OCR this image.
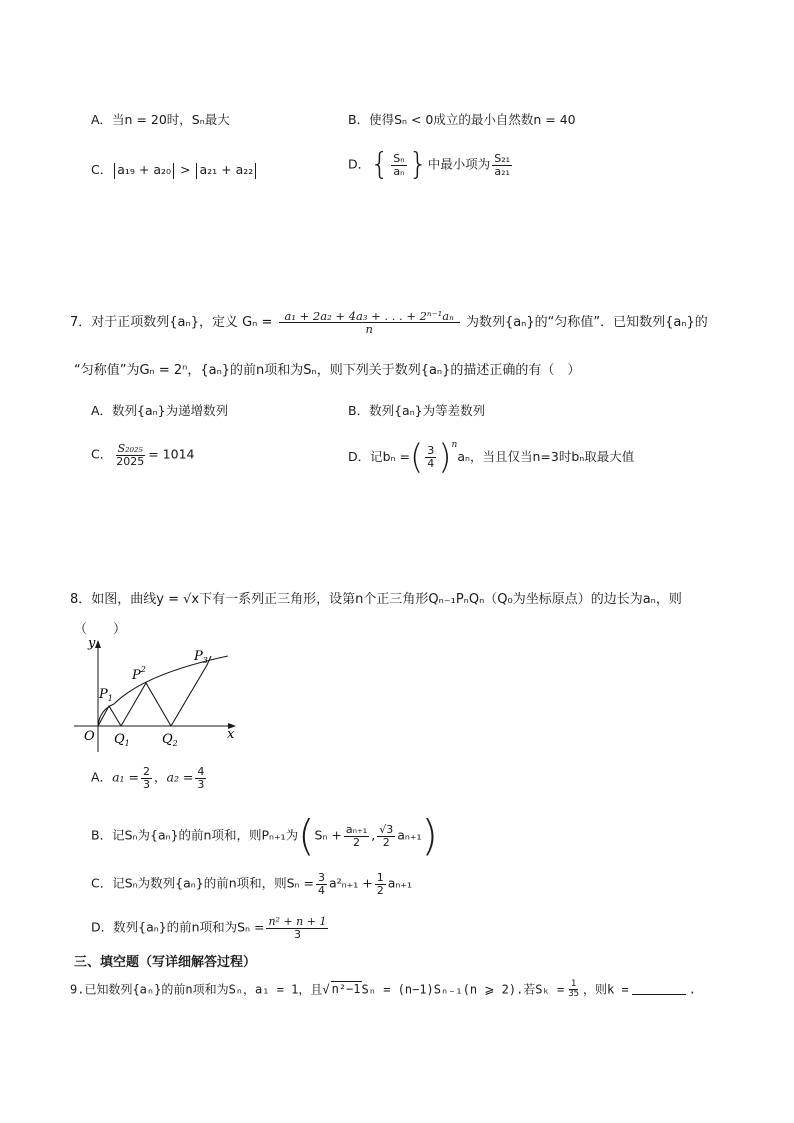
A．当n = 20时，Sₙ最大	B．使得Sₙ < 0成立的最小自然数n = 40
C． a₁₉ + a₂₀ > a₂₁ + a₂₂	D．{ $\frac{\text{Sₙ}}{\text{aₙ}}$ }中最小项为 $\frac{\text{S₂₁}}{\text{a₂₁}}$
7．对于正项数列{aₙ}，定义 $G_n = \frac{\text{a₁ + 2a₂ + 4a₃ + . . . + 2ⁿ⁻¹aₙ}}{n}$ 为数列{aₙ}的“匀称值”．已知数列{aₙ}的
“匀称值”为Gₙ = 2ⁿ，{aₙ}的前n项和为Sₙ，则下列关于数列{aₙ}的描述正确的有（　）
A．数列{aₙ}为递增数列	B．数列{aₙ}为等差数列
C． $\frac{\text{S₂₀₂₅}}{2025} = 1014$	D．记bₙ =( $\frac{3}{4} )^na_n$，当且仅当n=3时bₙ取最大值
8．如图，曲线y = √x下有一系列正三角形，设第n个正三角形Qₙ₋₁PₙQₙ（Q₀为坐标原点）的边长为aₙ，则
（　　）
y
x
O
$P_1$
$P^2$
$P_3$
$Q_1$ $Q_2$
A．$a_1 = \frac{2}{3}$ ，$a_2 = \frac{4}{3}$
B．记Sₙ为{aₙ}的前n项和，则Pₙ₊₁为($S_n + \frac{\text{aₙ₊₁}}{2}$ , $\frac{√3}{2} a_{n+1}$)
C．记Sₙ为数列{aₙ}的前n项和，则$S_n = \frac{3}{4} a^2_{n+1} + \frac{1}{2} a_{n+1}$
D．数列{aₙ}的前n项和为$S_n = \frac{\text{n² + n + 1}}{3}$
三、填空题（写详细解答过程）
9.已知数列{aₙ}的前n项和为Sₙ，a₁ = 1，且√ n²−1Sₙ = (n−1)Sₙ₋₁(n ⩾ 2).若$S_k = \frac{1}{35}$ ，则k =	.
